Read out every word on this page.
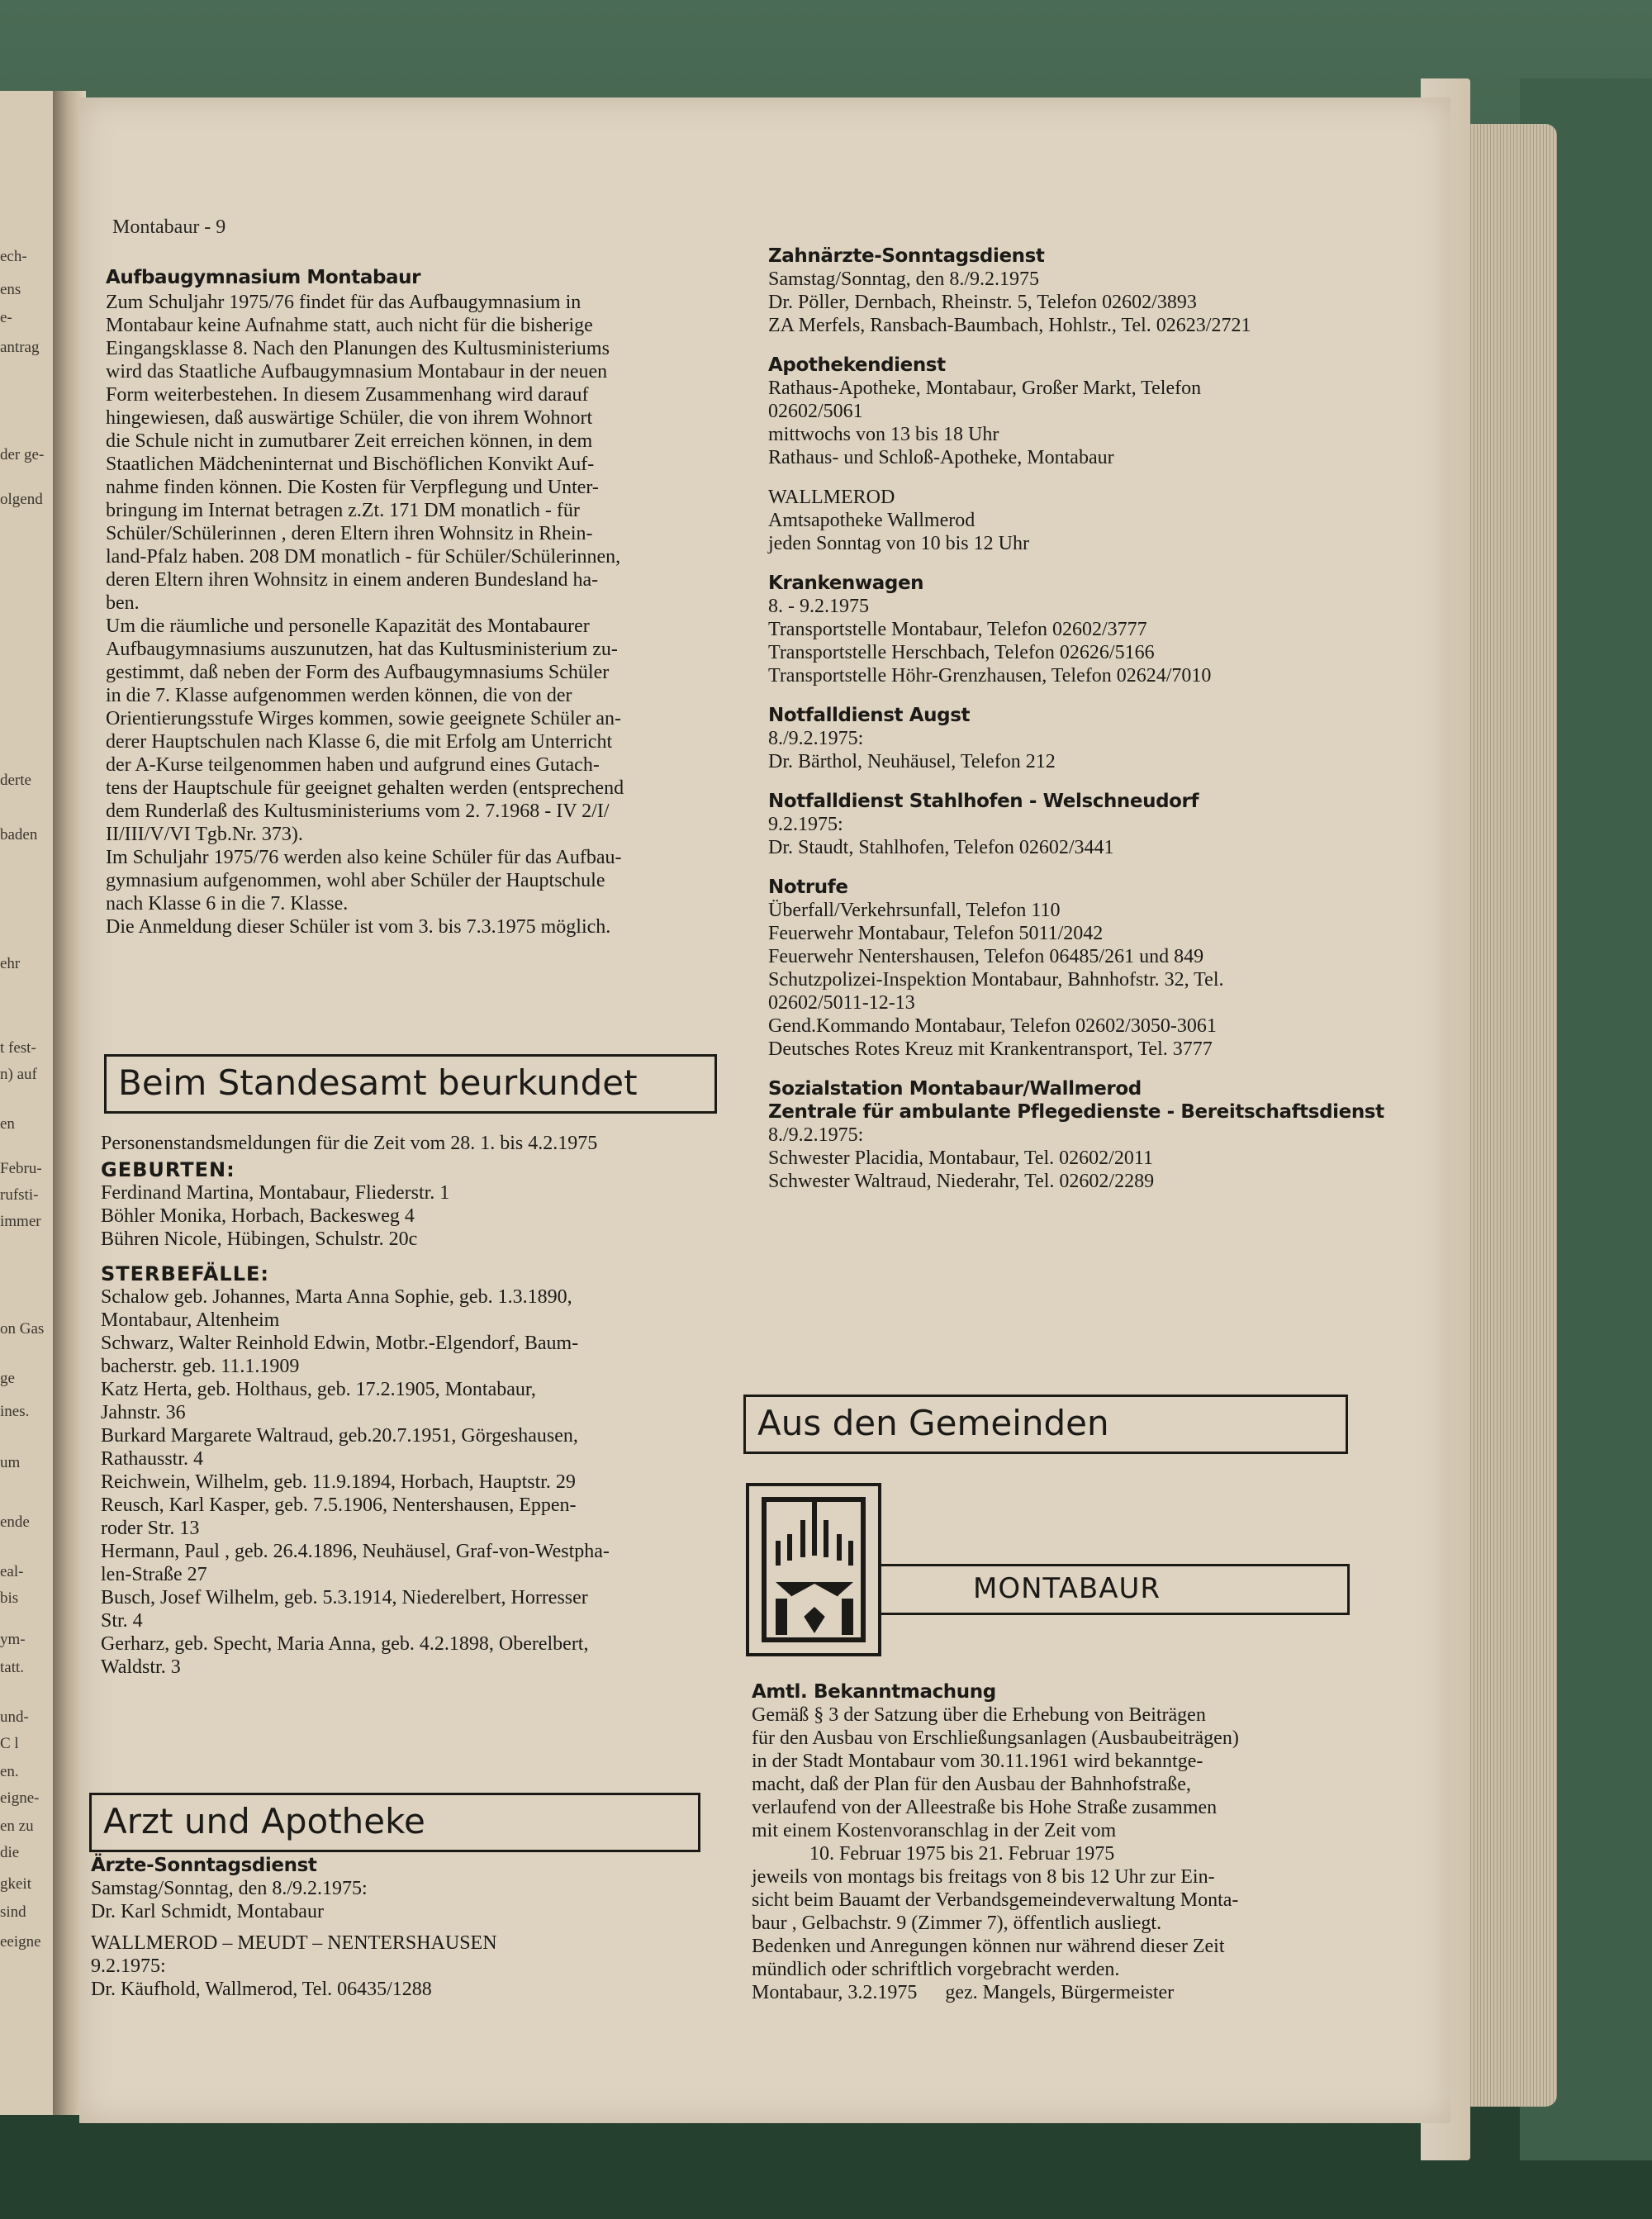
ech-
ens
e-
antrag
der ge-
olgend
derte
baden
ehr
t fest-
n) auf
en
Febru-
rufsti-
immer
on Gas
ge
ines.
um
ende
eal-
bis
ym-
tatt.
und-
C l
en.
eigne-
en zu
die
gkeit
sind
eeigne
Montabaur - 9

Aufbaugymnasium Montabaur

Zum Schuljahr 1975/76 findet für das Aufbaugymnasium in

Montabaur keine Aufnahme statt, auch nicht für die bisherige

Eingangsklasse 8. Nach den Planungen des Kultusministeriums

wird das Staatliche Aufbaugymnasium Montabaur in der neuen

Form weiterbestehen. In diesem Zusammenhang wird darauf

hingewiesen, daß auswärtige Schüler, die von ihrem Wohnort

die Schule nicht in zumutbarer Zeit erreichen können, in dem

Staatlichen Mädcheninternat und Bischöflichen Konvikt Auf-

nahme finden können. Die Kosten für Verpflegung und Unter-

bringung im Internat betragen z.Zt. 171 DM monatlich - für

Schüler/Schülerinnen , deren Eltern ihren Wohnsitz in Rhein-

land-Pfalz haben. 208 DM monatlich - für Schüler/Schülerinnen,

deren Eltern ihren Wohnsitz in einem anderen Bundesland ha-

ben.

Um die räumliche und personelle Kapazität des Montabaurer

Aufbaugymnasiums auszunutzen, hat das Kultusministerium zu-

gestimmt, daß neben der Form des Aufbaugymnasiums Schüler

in die 7. Klasse aufgenommen werden können, die von der

Orientierungsstufe Wirges kommen, sowie geeignete Schüler an-

derer Hauptschulen nach Klasse 6, die mit Erfolg am Unterricht

der A-Kurse teilgenommen haben und aufgrund eines Gutach-

tens der Hauptschule für geeignet gehalten werden (entsprechend

dem Runderlaß des Kultusministeriums vom 2. 7.1968 - IV 2/I/

II/III/V/VI Tgb.Nr. 373).

Im Schuljahr 1975/76 werden also keine Schüler für das Aufbau-

gymnasium aufgenommen, wohl aber Schüler der Hauptschule

nach Klasse 6 in die 7. Klasse.

Die Anmeldung dieser Schüler ist vom 3. bis 7.3.1975 möglich.

Beim Standesamt beurkundet

Personenstandsmeldungen für die Zeit vom 28. 1. bis 4.2.1975

GEBURTEN:

Ferdinand Martina, Montabaur, Fliederstr. 1

Böhler Monika, Horbach, Backesweg 4

Bühren Nicole, Hübingen, Schulstr. 20c

STERBEFÄLLE:

Schalow geb. Johannes, Marta Anna Sophie, geb. 1.3.1890,

Montabaur, Altenheim

Schwarz, Walter Reinhold Edwin, Motbr.-Elgendorf, Baum-

bacherstr. geb. 11.1.1909

Katz Herta, geb. Holthaus, geb. 17.2.1905, Montabaur,

Jahnstr. 36

Burkard Margarete Waltraud, geb.20.7.1951, Görgeshausen,

Rathausstr. 4

Reichwein, Wilhelm, geb. 11.9.1894, Horbach, Hauptstr. 29

Reusch, Karl Kasper, geb. 7.5.1906, Nentershausen, Eppen-

roder Str. 13

Hermann, Paul , geb. 26.4.1896, Neuhäusel, Graf-von-Westpha-

len-Straße 27

Busch, Josef Wilhelm, geb. 5.3.1914, Niederelbert, Horresser

Str. 4

Gerharz, geb. Specht, Maria Anna, geb. 4.2.1898, Oberelbert,

Waldstr. 3

Arzt und Apotheke

Ärzte-Sonntagsdienst

Samstag/Sonntag, den 8./9.2.1975:

Dr. Karl Schmidt, Montabaur

WALLMEROD – MEUDT – NENTERSHAUSEN

9.2.1975:

Dr. Käufhold, Wallmerod, Tel. 06435/1288

Zahnärzte-Sonntagsdienst

Samstag/Sonntag, den 8./9.2.1975

Dr. Pöller, Dernbach, Rheinstr. 5, Telefon 02602/3893

ZA Merfels, Ransbach-Baumbach, Hohlstr., Tel. 02623/2721

Apothekendienst

Rathaus-Apotheke, Montabaur, Großer Markt, Telefon

02602/5061

mittwochs von 13 bis 18 Uhr

Rathaus- und Schloß-Apotheke, Montabaur

WALLMEROD

Amtsapotheke Wallmerod

jeden Sonntag von 10 bis 12 Uhr

Krankenwagen

8. - 9.2.1975

Transportstelle Montabaur, Telefon 02602/3777

Transportstelle Herschbach, Telefon 02626/5166

Transportstelle Höhr-Grenzhausen, Telefon 02624/7010

Notfalldienst Augst

8./9.2.1975:

Dr. Bärthol, Neuhäusel, Telefon 212

Notfalldienst Stahlhofen - Welschneudorf

9.2.1975:

Dr. Staudt, Stahlhofen, Telefon 02602/3441

Notrufe

Überfall/Verkehrsunfall, Telefon 110

Feuerwehr Montabaur, Telefon 5011/2042

Feuerwehr Nentershausen, Telefon 06485/261 und 849

Schutzpolizei-Inspektion Montabaur, Bahnhofstr. 32, Tel.

02602/5011-12-13

Gend.Kommando Montabaur, Telefon 02602/3050-3061

Deutsches Rotes Kreuz mit Krankentransport, Tel. 3777

Sozialstation Montabaur/Wallmerod

Zentrale für ambulante Pflegedienste - Bereitschaftsdienst

8./9.2.1975:

Schwester Placidia, Montabaur, Tel. 02602/2011

Schwester Waltraud, Niederahr, Tel. 02602/2289

Aus den Gemeinden
MONTABAUR

Amtl. Bekanntmachung

Gemäß § 3 der Satzung über die Erhebung von Beiträgen

für den Ausbau von Erschließungsanlagen (Ausbaubeiträgen)

in der Stadt Montabaur vom 30.11.1961 wird bekanntge-

macht, daß der Plan für den Ausbau der Bahnhofstraße,

verlaufend von der Alleestraße bis Hohe Straße zusammen

mit einem Kostenvoranschlag in der Zeit vom

10. Februar 1975 bis 21. Februar 1975

jeweils von montags bis freitags von 8 bis 12 Uhr zur Ein-

sicht beim Bauamt der Verbandsgemeindeverwaltung Monta-

baur , Gelbachstr. 9 (Zimmer 7), öffentlich ausliegt.

Bedenken und Anregungen können nur während dieser Zeit

mündlich oder schriftlich vorgebracht werden.

Montabaur, 3.2.1975 gez. Mangels, Bürgermeister
